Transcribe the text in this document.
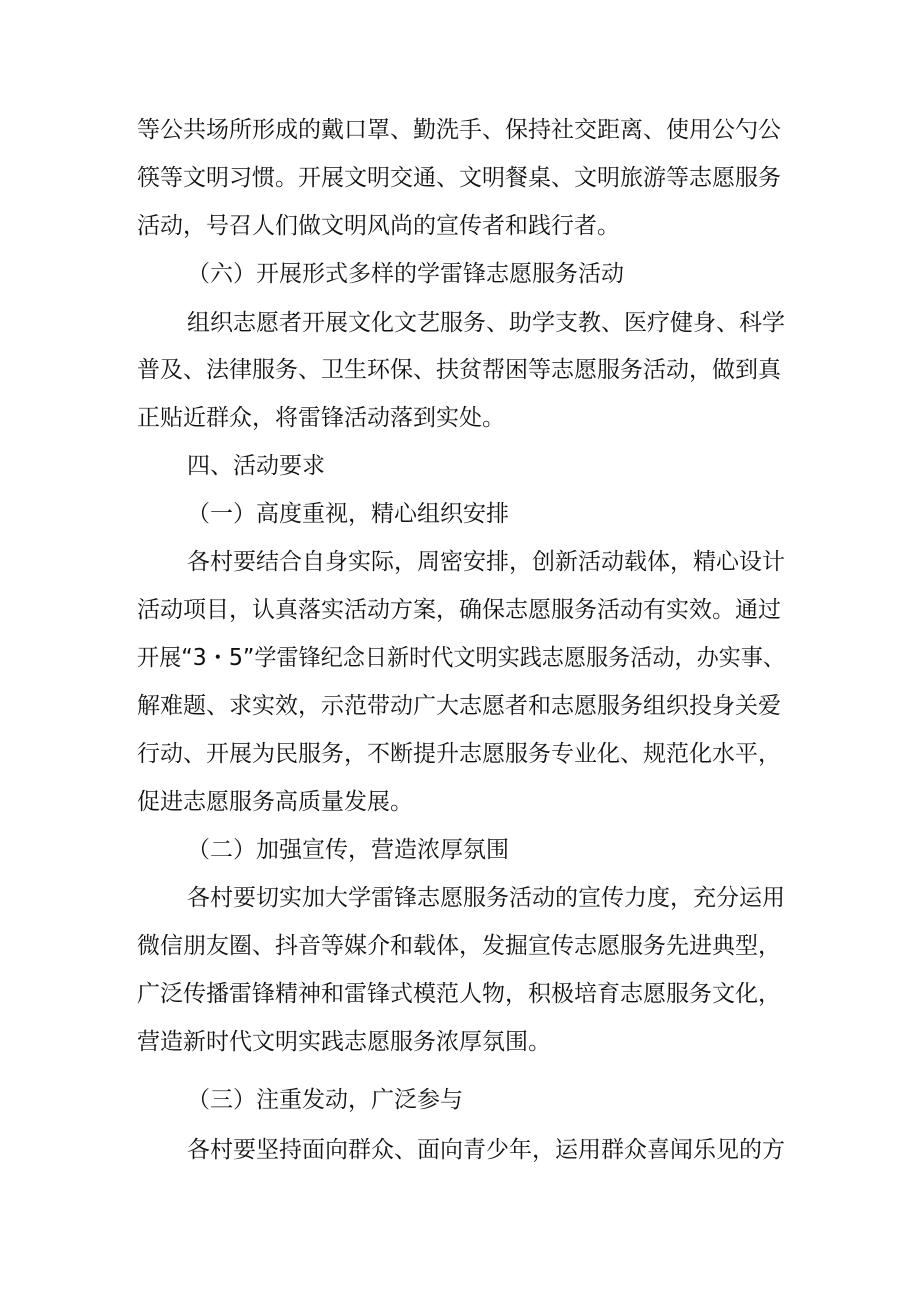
等公共场所形成的戴口罩、勤洗手、保持社交距离、使用公勺公
筷等文明习惯。开展文明交通、文明餐桌、文明旅游等志愿服务
活动，号召人们做文明风尚的宣传者和践行者。
（六）开展形式多样的学雷锋志愿服务活动
组织志愿者开展文化文艺服务、助学支教、医疗健身、科学
普及、法律服务、卫生环保、扶贫帮困等志愿服务活动，做到真
正贴近群众，将雷锋活动落到实处。
四、活动要求
（一）高度重视，精心组织安排
各村要结合自身实际，周密安排，创新活动载体，精心设计
活动项目，认真落实活动方案，确保志愿服务活动有实效。通过
开展“3・5”学雷锋纪念日新时代文明实践志愿服务活动，办实事、
解难题、求实效，示范带动广大志愿者和志愿服务组织投身关爱
行动、开展为民服务，不断提升志愿服务专业化、规范化水平，
促进志愿服务高质量发展。
（二）加强宣传，营造浓厚氛围
各村要切实加大学雷锋志愿服务活动的宣传力度，充分运用
微信朋友圈、抖音等媒介和载体，发掘宣传志愿服务先进典型，
广泛传播雷锋精神和雷锋式模范人物，积极培育志愿服务文化，
营造新时代文明实践志愿服务浓厚氛围。
（三）注重发动，广泛参与
各村要坚持面向群众、面向青少年，运用群众喜闻乐见的方
